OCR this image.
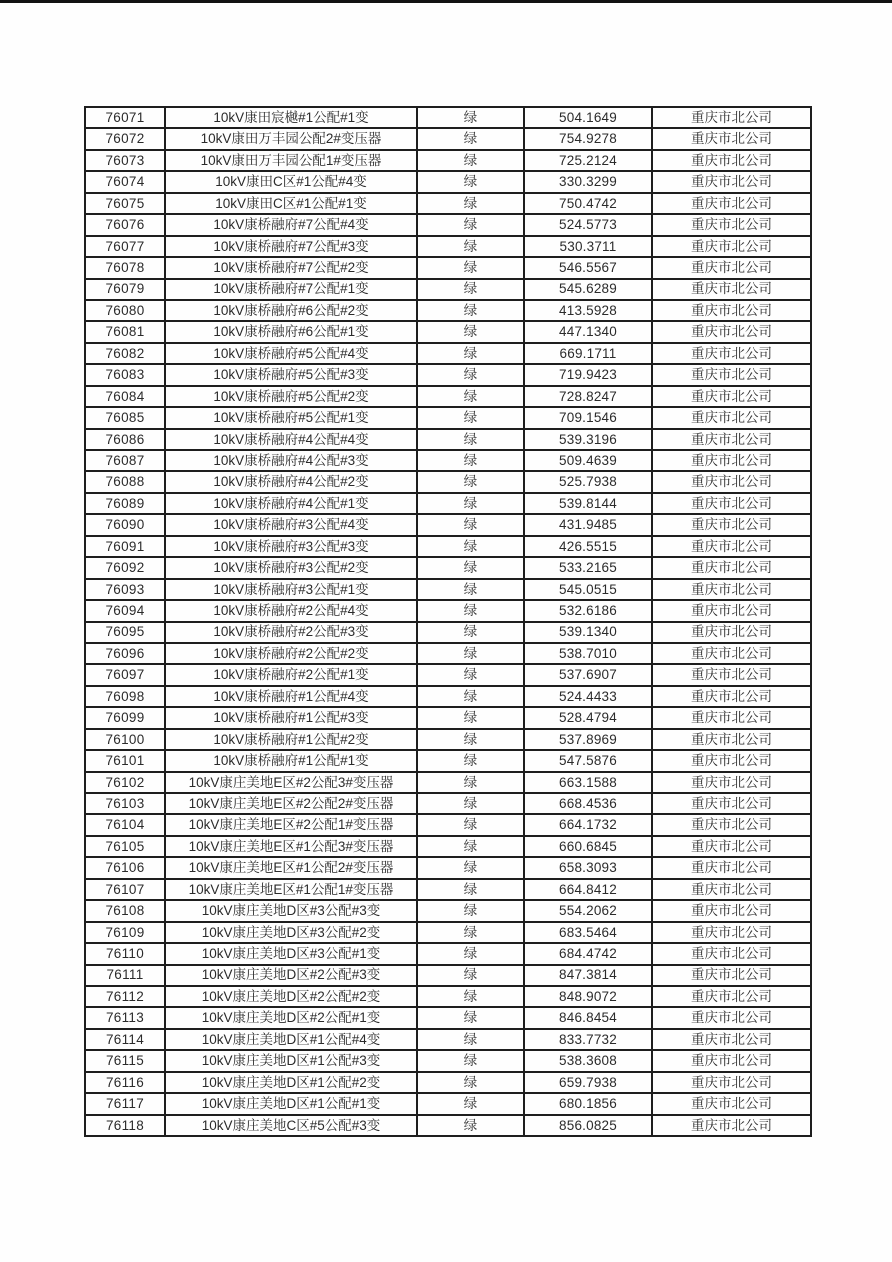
76071	10kV康田宸樾#1公配#1变	绿	504.1649	重庆市北公司
76072	10kV康田万丰园公配2#变压器	绿	754.9278	重庆市北公司
76073	10kV康田万丰园公配1#变压器	绿	725.2124	重庆市北公司
76074	10kV康田C区#1公配#4变	绿	330.3299	重庆市北公司
76075	10kV康田C区#1公配#1变	绿	750.4742	重庆市北公司
76076	10kV康桥融府#7公配#4变	绿	524.5773	重庆市北公司
76077	10kV康桥融府#7公配#3变	绿	530.3711	重庆市北公司
76078	10kV康桥融府#7公配#2变	绿	546.5567	重庆市北公司
76079	10kV康桥融府#7公配#1变	绿	545.6289	重庆市北公司
76080	10kV康桥融府#6公配#2变	绿	413.5928	重庆市北公司
76081	10kV康桥融府#6公配#1变	绿	447.1340	重庆市北公司
76082	10kV康桥融府#5公配#4变	绿	669.1711	重庆市北公司
76083	10kV康桥融府#5公配#3变	绿	719.9423	重庆市北公司
76084	10kV康桥融府#5公配#2变	绿	728.8247	重庆市北公司
76085	10kV康桥融府#5公配#1变	绿	709.1546	重庆市北公司
76086	10kV康桥融府#4公配#4变	绿	539.3196	重庆市北公司
76087	10kV康桥融府#4公配#3变	绿	509.4639	重庆市北公司
76088	10kV康桥融府#4公配#2变	绿	525.7938	重庆市北公司
76089	10kV康桥融府#4公配#1变	绿	539.8144	重庆市北公司
76090	10kV康桥融府#3公配#4变	绿	431.9485	重庆市北公司
76091	10kV康桥融府#3公配#3变	绿	426.5515	重庆市北公司
76092	10kV康桥融府#3公配#2变	绿	533.2165	重庆市北公司
76093	10kV康桥融府#3公配#1变	绿	545.0515	重庆市北公司
76094	10kV康桥融府#2公配#4变	绿	532.6186	重庆市北公司
76095	10kV康桥融府#2公配#3变	绿	539.1340	重庆市北公司
76096	10kV康桥融府#2公配#2变	绿	538.7010	重庆市北公司
76097	10kV康桥融府#2公配#1变	绿	537.6907	重庆市北公司
76098	10kV康桥融府#1公配#4变	绿	524.4433	重庆市北公司
76099	10kV康桥融府#1公配#3变	绿	528.4794	重庆市北公司
76100	10kV康桥融府#1公配#2变	绿	537.8969	重庆市北公司
76101	10kV康桥融府#1公配#1变	绿	547.5876	重庆市北公司
76102	10kV康庄美地E区#2公配3#变压器	绿	663.1588	重庆市北公司
76103	10kV康庄美地E区#2公配2#变压器	绿	668.4536	重庆市北公司
76104	10kV康庄美地E区#2公配1#变压器	绿	664.1732	重庆市北公司
76105	10kV康庄美地E区#1公配3#变压器	绿	660.6845	重庆市北公司
76106	10kV康庄美地E区#1公配2#变压器	绿	658.3093	重庆市北公司
76107	10kV康庄美地E区#1公配1#变压器	绿	664.8412	重庆市北公司
76108	10kV康庄美地D区#3公配#3变	绿	554.2062	重庆市北公司
76109	10kV康庄美地D区#3公配#2变	绿	683.5464	重庆市北公司
76110	10kV康庄美地D区#3公配#1变	绿	684.4742	重庆市北公司
76111	10kV康庄美地D区#2公配#3变	绿	847.3814	重庆市北公司
76112	10kV康庄美地D区#2公配#2变	绿	848.9072	重庆市北公司
76113	10kV康庄美地D区#2公配#1变	绿	846.8454	重庆市北公司
76114	10kV康庄美地D区#1公配#4变	绿	833.7732	重庆市北公司
76115	10kV康庄美地D区#1公配#3变	绿	538.3608	重庆市北公司
76116	10kV康庄美地D区#1公配#2变	绿	659.7938	重庆市北公司
76117	10kV康庄美地D区#1公配#1变	绿	680.1856	重庆市北公司
76118	10kV康庄美地C区#5公配#3变	绿	856.0825	重庆市北公司
